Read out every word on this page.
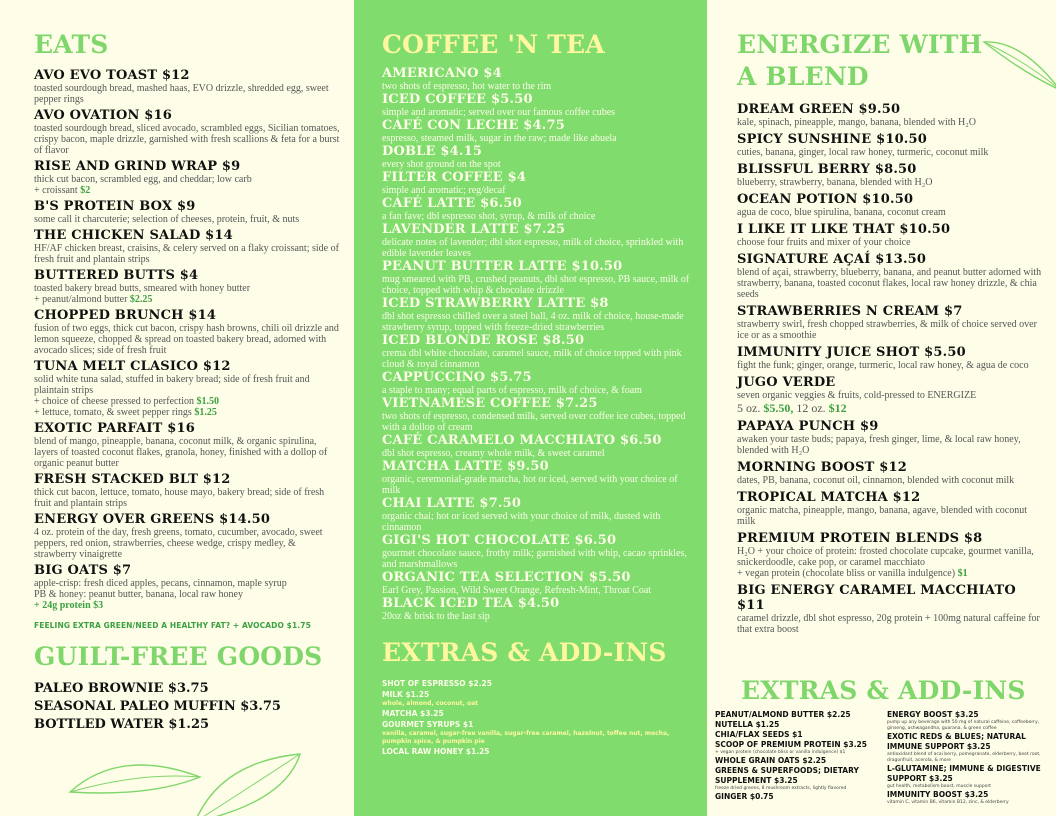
EATS
AVO EVO TOAST $12
toasted sourdough bread, mashed haas, EVO drizzle, shredded egg, sweet pepper rings
AVO OVATION $16
toasted sourdough bread, sliced avocado, scrambled eggs, Sicilian tomatoes, crispy bacon, maple drizzle, garnished with fresh scallions & feta for a burst of flavor
RISE AND GRIND WRAP $9
thick cut bacon, scrambled egg, and cheddar; low carb
+ croissant $2
B'S PROTEIN BOX $9
some call it charcuterie; selection of cheeses, protein, fruit, & nuts
THE CHICKEN SALAD $14
HF/AF chicken breast, craisins, & celery served on a flaky croissant; side of fresh fruit and plantain strips
BUTTERED BUTTS $4
toasted bakery bread butts, smeared with honey butter
+ peanut/almond butter $2.25
CHOPPED BRUNCH $14
fusion of two eggs, thick cut bacon, crispy hash browns, chili oil drizzle and lemon squeeze, chopped & spread on toasted bakery bread, adorned with avocado slices; side of fresh fruit
TUNA MELT CLASICO $12
solid white tuna salad, stuffed in bakery bread; side of fresh fruit and plaintain strips
+ choice of cheese pressed to perfection $1.50
+ lettuce, tomato, & sweet pepper rings $1.25
EXOTIC PARFAIT $16
blend of mango, pineapple, banana, coconut milk, & organic spirulina, layers of toasted coconut flakes, granola, honey, finished with a dollop of organic peanut butter
FRESH STACKED BLT $12
thick cut bacon, lettuce, tomato, house mayo, bakery bread; side of fresh fruit and plantain strips
ENERGY OVER GREENS $14.50
4 oz. protein of the day, fresh greens, tomato, cucumber, avocado, sweet peppers, red onion, strawberries, cheese wedge, crispy medley, & strawberry vinaigrette
BIG OATS $7
apple-crisp: fresh diced apples, pecans, cinnamon, maple syrup
PB & honey: peanut butter, banana, local raw honey
+ 24g protein $3
FEELING EXTRA GREEN/NEED A HEALTHY FAT? + AVOCADO $1.75
GUILT-FREE GOODS
PALEO BROWNIE $3.75
SEASONAL PALEO MUFFIN $3.75
BOTTLED WATER $1.25
COFFEE 'N TEA
AMERICANO $4
two shots of espresso, hot water to the rim
ICED COFFEE $5.50
simple and aromatic; served over our famous coffee cubes
CAFÉ CON LECHE $4.75
espresso, steamed milk, sugar in the raw; made like abuela
DOBLE $4.15
every shot ground on the spot
FILTER COFFEE $4
simple and aromatic; reg/decaf
CAFÉ LATTE $6.50
a fan fave; dbl espresso shot, syrup, & milk of choice
LAVENDER LATTE $7.25
delicate notes of lavender; dbl shot espresso, milk of choice, sprinkled with edible lavender leaves
PEANUT BUTTER LATTE $10.50
mug smeared with PB, crushed peanuts, dbl shot espresso, PB sauce, milk of choice, topped with whip & chocolate drizzle
ICED STRAWBERRY LATTE $8
dbl shot espresso chilled over a steel ball, 4 oz. milk of choice, house-made strawberry syrup, topped with freeze-dried strawberries
ICED BLONDE ROSE $8.50
crema dbl white chocolate, caramel sauce, milk of choice topped with pink cloud & royal cinnamon
CAPPUCCINO $5.75
a staple to many; equal parts of espresso, milk of choice, & foam
VIETNAMESE COFFEE $7.25
two shots of espresso, condensed milk, served over coffee ice cubes, topped with a dollop of cream
CAFÉ CARAMELO MACCHIATO $6.50
dbl shot espresso, creamy whole milk, & sweet caramel
MATCHA LATTE $9.50
organic, ceremonial-grade matcha, hot or iced, served with your choice of milk
CHAI LATTE $7.50
organic chai; hot or iced served with your choice of milk, dusted with cinnamon
GIGI'S HOT CHOCOLATE $6.50
gourmet chocolate sauce, frothy milk; garnished with whip, cacao sprinkles, and marshmallows
ORGANIC TEA SELECTION $5.50
Earl Grey, Passion, Wild Sweet Orange, Refresh-Mint, Throat Coat
BLACK ICED TEA $4.50
20oz & brisk to the last sip
EXTRAS & ADD-INS
SHOT OF ESPRESSO $2.25
MILK $1.25
whole, almond, coconut, oat
MATCHA $3.25
GOURMET SYRUPS $1
vanilla, caramel, sugar-free vanilla, sugar-free caramel, hazelnut, toffee nut, mocha, pumpkin spice, & pumpkin pie
LOCAL RAW HONEY $1.25
ENERGIZE WITH
A BLEND
DREAM GREEN $9.50
kale, spinach, pineapple, mango, banana, blended with H₂O
SPICY SUNSHINE $10.50
cuties, banana, ginger, local raw honey, turmeric, coconut milk
BLISSFUL BERRY $8.50
blueberry, strawberry, banana, blended with H₂O
OCEAN POTION $10.50
agua de coco, blue spirulina, banana, coconut cream
I LIKE IT LIKE THAT $10.50
choose four fruits and mixer of your choice
SIGNATURE AÇAÍ $13.50
blend of açai, strawberry, blueberry, banana, and peanut butter adorned with strawberry, banana, toasted coconut flakes, local raw honey drizzle, & chia seeds
STRAWBERRIES N CREAM $7
strawberry swirl, fresh chopped strawberries, & milk of choice served over ice or as a smoothie
IMMUNITY JUICE SHOT $5.50
fight the funk; ginger, orange, turmeric, local raw honey, & agua de coco
JUGO VERDE
seven organic veggies & fruits, cold-pressed to ENERGIZE
5 oz. $5.50, 12 oz. $12
PAPAYA PUNCH $9
awaken your taste buds; papaya, fresh ginger, lime, & local raw honey, blended with H₂O
MORNING BOOST $12
dates, PB, banana, coconut oil, cinnamon, blended with coconut milk
TROPICAL MATCHA $12
organic matcha, pineapple, mango, banana, agave, blended with coconut milk
PREMIUM PROTEIN BLENDS $8
H₂O + your choice of protein: frosted chocolate cupcake, gourmet vanilla, snickerdoodle, cake pop, or caramel macchiato
+ vegan protein (chocolate bliss or vanilla indulgence) $1
BIG ENERGY CARAMEL MACCHIATO $11
caramel drizzle, dbl shot espresso, 20g protein + 100mg natural caffeine for that extra boost
EXTRAS & ADD-INS
PEANUT/ALMOND BUTTER $2.25
NUTELLA $1.25
CHIA/FLAX SEEDS $1
SCOOP OF PREMIUM PROTEIN $3.25
+ vegan protein (chocolate bliss or vanilla indulgence) $1
WHOLE GRAIN OATS $2.25
GREENS & SUPERFOODS; DIETARY SUPPLEMENT $3.25
freeze dried greens, 8 mushroom extracts, lightly flavored
GINGER $0.75
ENERGY BOOST $3.25
pump up any beverage with 50 mg of natural caffeine, coffeeberry, ginseng, ashwagandha, guarana, & green coffee
EXOTIC REDS & BLUES; NATURAL IMMUNE SUPPORT $3.25
antioxidant blend of acai berry, pomegranate, elderberry, beet root, dragonfruit, acerola, & more
L-GLUTAMINE; IMMUNE & DIGESTIVE SUPPORT $3.25
gut health, metabolism boost, muscle support
IMMUNITY BOOST $3.25
vitamin C, vitamin B6, vitamin B12, zinc, & elderberry
